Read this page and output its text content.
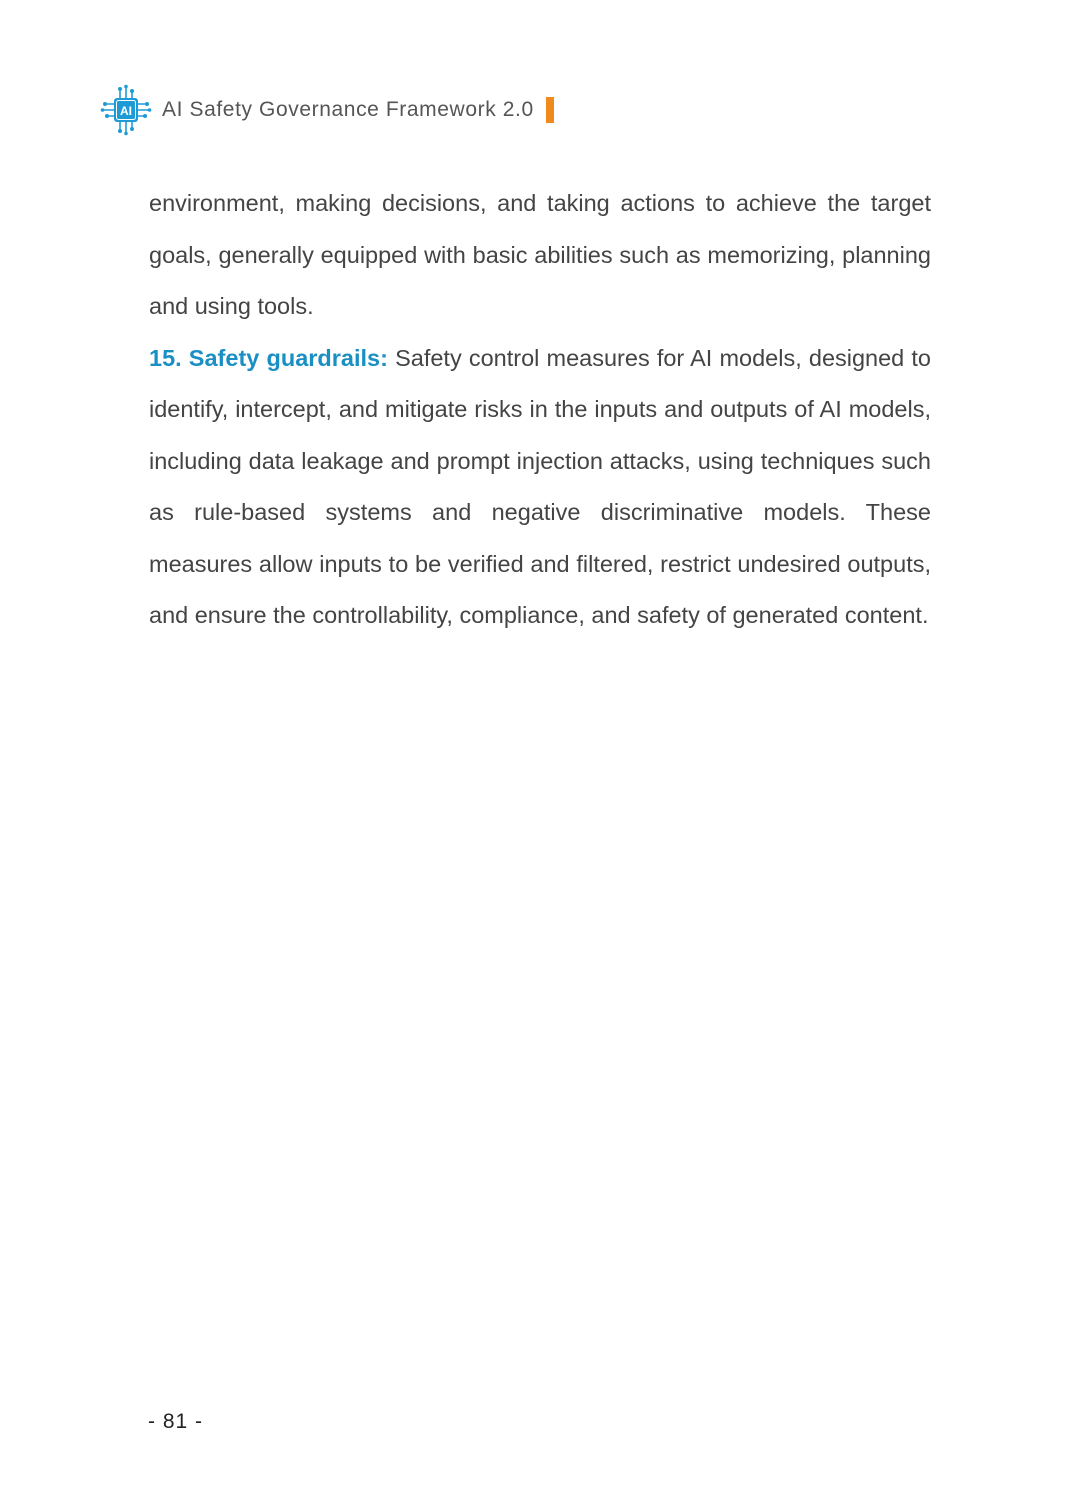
AI AI Safety Governance Framework 2.0

environment, making decisions, and taking actions to achieve the target goals, generally equipped with basic abilities such as memorizing, planning and using tools.

15. Safety guardrails: Safety control measures for AI models, designed to identify, intercept, and mitigate risks in the inputs and outputs of AI models, including data leakage and prompt injection attacks, using techniques such as rule-based systems and negative discriminative models. These measures allow inputs to be verified and filtered, restrict undesired outputs, and ensure the controllability, compliance, and safety of generated content.

- 81 -
